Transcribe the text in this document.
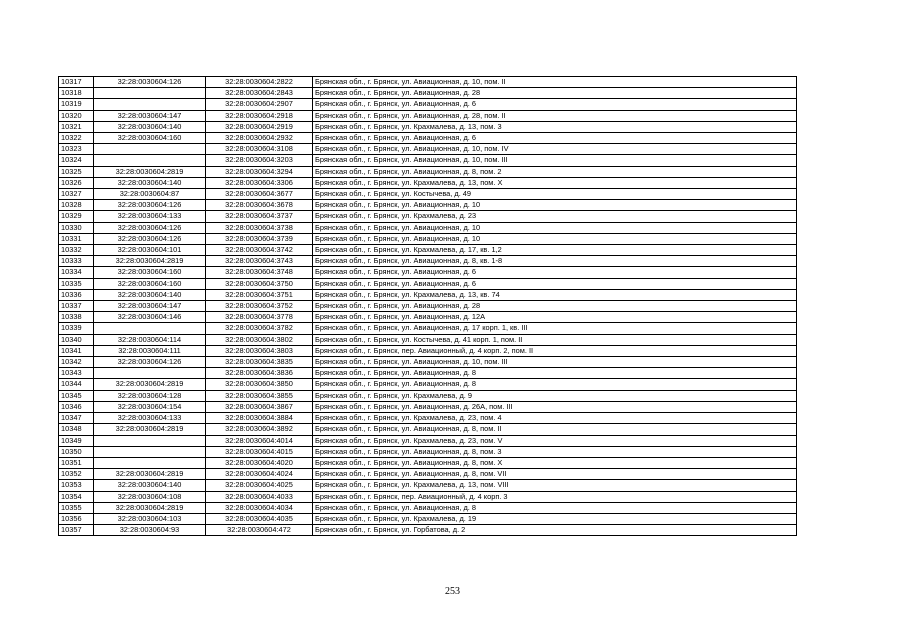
10317	32:28:0030604:126	32:28:0030604:2822	Брянская обл., г. Брянск, ул. Авиационная, д. 10, пом. II
10318		32:28:0030604:2843	Брянская обл., г. Брянск, ул. Авиационная, д. 28
10319		32:28:0030604:2907	Брянская обл., г. Брянск, ул. Авиационная, д. 6
10320	32:28:0030604:147	32:28:0030604:2918	Брянская обл., г. Брянск, ул. Авиационная, д. 28, пом. II
10321	32:28:0030604:140	32:28:0030604:2919	Брянская обл., г. Брянск, ул. Крахмалева, д. 13, пом. 3
10322	32:28:0030604:160	32:28:0030604:2932	Брянская обл., г. Брянск, ул. Авиационная, д. 6
10323		32:28:0030604:3108	Брянская обл., г. Брянск, ул. Авиационная, д. 10, пом. IV
10324		32:28:0030604:3203	Брянская обл., г. Брянск, ул. Авиационная, д. 10, пом. III
10325	32:28:0030604:2819	32:28:0030604:3294	Брянская обл., г. Брянск, ул. Авиационная, д. 8, пом. 2
10326	32:28:0030604:140	32:28:0030604:3306	Брянская обл., г. Брянск, ул. Крахмалева, д. 13, пом. X
10327	32:28:0030604:87	32:28:0030604:3677	Брянская обл., г. Брянск, ул. Костычева, д. 49
10328	32:28:0030604:126	32:28:0030604:3678	Брянская обл., г. Брянск, ул. Авиационная, д. 10
10329	32:28:0030604:133	32:28:0030604:3737	Брянская обл., г. Брянск, ул. Крахмалева, д. 23
10330	32:28:0030604:126	32:28:0030604:3738	Брянская обл., г. Брянск, ул. Авиационная, д. 10
10331	32:28:0030604:126	32:28:0030604:3739	Брянская обл., г. Брянск, ул. Авиационная, д. 10
10332	32:28:0030604:101	32:28:0030604:3742	Брянская обл., г. Брянск, ул. Крахмалева, д. 17, кв. 1,2
10333	32:28:0030604:2819	32:28:0030604:3743	Брянская обл., г. Брянск, ул. Авиационная, д. 8, кв. 1-8
10334	32:28:0030604:160	32:28:0030604:3748	Брянская обл., г. Брянск, ул. Авиационная, д. 6
10335	32:28:0030604:160	32:28:0030604:3750	Брянская обл., г. Брянск, ул. Авиационная, д. 6
10336	32:28:0030604:140	32:28:0030604:3751	Брянская обл., г. Брянск, ул. Крахмалева, д. 13, кв. 74
10337	32:28:0030604:147	32:28:0030604:3752	Брянская обл., г. Брянск, ул. Авиационная, д. 28
10338	32:28:0030604:146	32:28:0030604:3778	Брянская обл., г. Брянск, ул. Авиационная, д. 12А
10339		32:28:0030604:3782	Брянская обл., г. Брянск, ул. Авиационная, д. 17 корп. 1, кв. III
10340	32:28:0030604:114	32:28:0030604:3802	Брянская обл., г. Брянск, ул. Костычева, д. 41 корп. 1, пом. II
10341	32:28:0030604:111	32:28:0030604:3803	Брянская обл., г. Брянск, пер. Авиационный, д. 4 корп. 2, пом. II
10342	32:28:0030604:126	32:28:0030604:3835	Брянская обл., г. Брянск, ул. Авиационная, д. 10, пом. III
10343		32:28:0030604:3836	Брянская обл., г. Брянск, ул. Авиационная, д. 8
10344	32:28:0030604:2819	32:28:0030604:3850	Брянская обл., г. Брянск, ул. Авиационная, д. 8
10345	32:28:0030604:128	32:28:0030604:3855	Брянская обл., г. Брянск, ул. Крахмалева, д. 9
10346	32:28:0030604:154	32:28:0030604:3867	Брянская обл., г. Брянск, ул. Авиационная, д. 26А, пом. III
10347	32:28:0030604:133	32:28:0030604:3884	Брянская обл., г. Брянск, ул. Крахмалева, д. 23, пом. 4
10348	32:28:0030604:2819	32:28:0030604:3892	Брянская обл., г. Брянск, ул. Авиационная, д. 8, пом. II
10349		32:28:0030604:4014	Брянская обл., г. Брянск, ул. Крахмалева, д. 23, пом. V
10350		32:28:0030604:4015	Брянская обл., г. Брянск, ул. Авиационная, д. 8, пом. 3
10351		32:28:0030604:4020	Брянская обл., г. Брянск, ул. Авиационная, д. 8, пом. X
10352	32:28:0030604:2819	32:28:0030604:4024	Брянская обл., г. Брянск, ул. Авиационная, д. 8, пом. VII
10353	32:28:0030604:140	32:28:0030604:4025	Брянская обл., г. Брянск, ул. Крахмалева, д. 13, пом. VIII
10354	32:28:0030604:108	32:28:0030604:4033	Брянская обл., г. Брянск, пер. Авиационный, д. 4 корп. 3
10355	32:28:0030604:2819	32:28:0030604:4034	Брянская обл., г. Брянск, ул. Авиационная, д. 8
10356	32:28:0030604:103	32:28:0030604:4035	Брянская обл., г. Брянск, ул. Крахмалева, д. 19
10357	32:28:0030604:93	32:28:0030604:472	Брянская обл., г. Брянск, ул. Горбатова, д. 2
253
